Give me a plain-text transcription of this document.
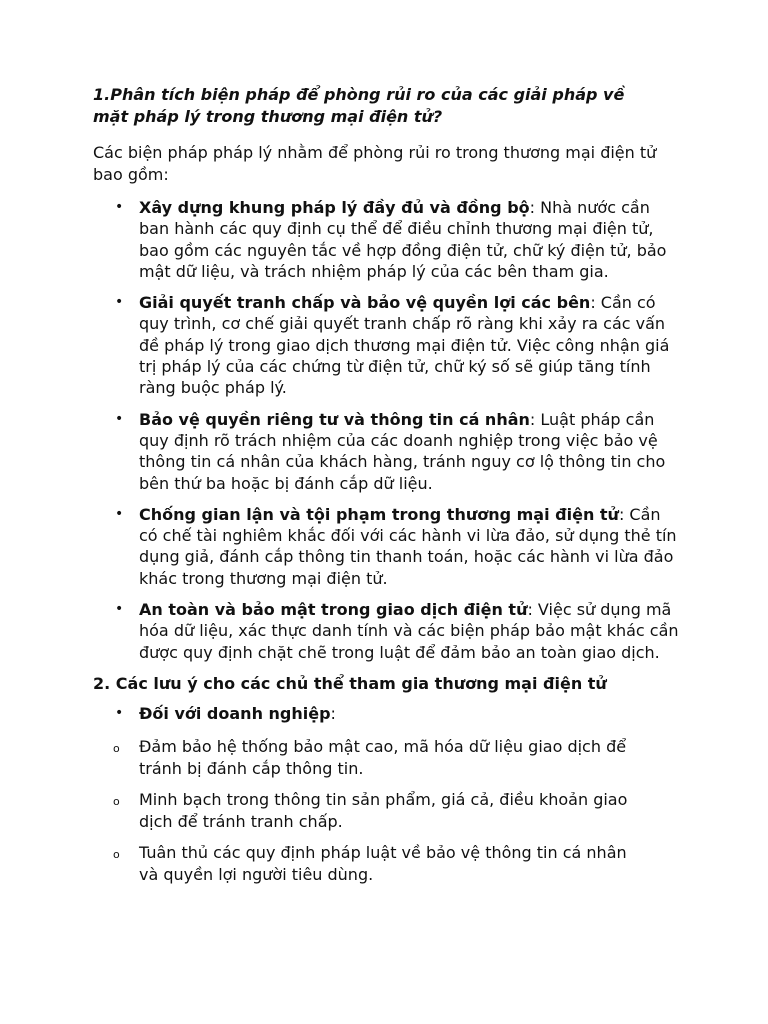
1.Phân tích biện pháp để phòng rủi ro của các giải pháp về mặt pháp lý trong thương mại điện tử?

Các biện pháp pháp lý nhằm để phòng rủi ro trong thương mại điện tử bao gồm:

• Xây dựng khung pháp lý đầy đủ và đồng bộ: Nhà nước cần ban hành các quy định cụ thể để điều chỉnh thương mại điện tử, bao gồm các nguyên tắc về hợp đồng điện tử, chữ ký điện tử, bảo mật dữ liệu, và trách nhiệm pháp lý của các bên tham gia.
• Giải quyết tranh chấp và bảo vệ quyền lợi các bên: Cần có quy trình, cơ chế giải quyết tranh chấp rõ ràng khi xảy ra các vấn đề pháp lý trong giao dịch thương mại điện tử. Việc công nhận giá trị pháp lý của các chứng từ điện tử, chữ ký số sẽ giúp tăng tính ràng buộc pháp lý.
• Bảo vệ quyền riêng tư và thông tin cá nhân: Luật pháp cần quy định rõ trách nhiệm của các doanh nghiệp trong việc bảo vệ thông tin cá nhân của khách hàng, tránh nguy cơ lộ thông tin cho bên thứ ba hoặc bị đánh cắp dữ liệu.
• Chống gian lận và tội phạm trong thương mại điện tử: Cần có chế tài nghiêm khắc đối với các hành vi lừa đảo, sử dụng thẻ tín dụng giả, đánh cắp thông tin thanh toán, hoặc các hành vi lừa đảo khác trong thương mại điện tử.
• An toàn và bảo mật trong giao dịch điện tử: Việc sử dụng mã hóa dữ liệu, xác thực danh tính và các biện pháp bảo mật khác cần được quy định chặt chẽ trong luật để đảm bảo an toàn giao dịch.

2. Các lưu ý cho các chủ thể tham gia thương mại điện tử

• Đối với doanh nghiệp:
o Đảm bảo hệ thống bảo mật cao, mã hóa dữ liệu giao dịch để tránh bị đánh cắp thông tin.
o Minh bạch trong thông tin sản phẩm, giá cả, điều khoản giao dịch để tránh tranh chấp.
o Tuân thủ các quy định pháp luật về bảo vệ thông tin cá nhân và quyền lợi người tiêu dùng.
